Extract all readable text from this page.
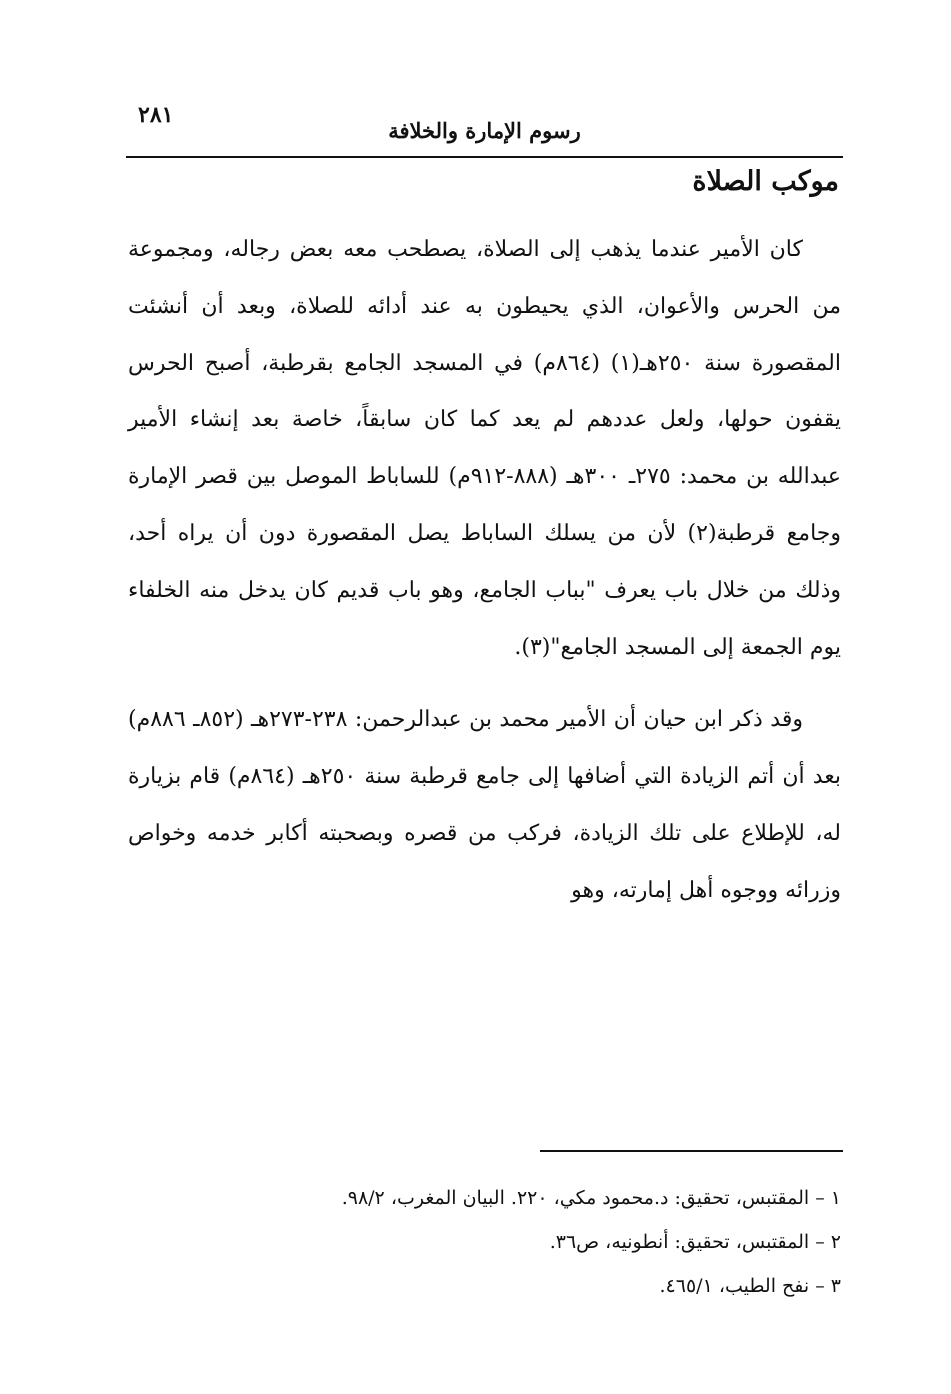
٢٨١
رسوم الإمارة والخلافة
موكب الصلاة

كان الأمير عندما يذهب إلى الصلاة، يصطحب معه بعض رجاله، ومجموعة من الحرس والأعوان، الذي يحيطون به عند أدائه للصلاة، وبعد أن أنشئت المقصورة سنة ٢٥٠هـ(١) (٨٦٤م) في المسجد الجامع بقرطبة، أصبح الحرس يقفون حولها، ولعل عددهم لم يعد كما كان سابقاً، خاصة بعد إنشاء الأمير عبدالله بن محمد: ٢٧٥ـ ٣٠٠هـ (٨٨٨-٩١٢م) للساباط الموصل بين قصر الإمارة وجامع قرطبة(٢) لأن من يسلك الساباط يصل المقصورة دون أن يراه أحد، وذلك من خلال باب يعرف "بباب الجامع، وهو باب قديم كان يدخل منه الخلفاء يوم الجمعة إلى المسجد الجامع"(٣).

وقد ذكر ابن حيان أن الأمير محمد بن عبدالرحمن: ٢٣٨-٢٧٣هـ (٨٥٢ـ ٨٨٦م) بعد أن أتم الزيادة التي أضافها إلى جامع قرطبة سنة ٢٥٠هـ (٨٦٤م) قام بزيارة له، للإطلاع على تلك الزيادة، فركب من قصره وبصحبته أكابر خدمه وخواص وزرائه ووجوه أهل إمارته، وهو

١ – المقتبس، تحقيق: د.محمود مكي، ٢٢٠. البيان المغرب، ٩٨/٢.
٢ – المقتبس، تحقيق: أنطونيه، ص٣٦.
٣ – نفح الطيب، ٤٦٥/١.
